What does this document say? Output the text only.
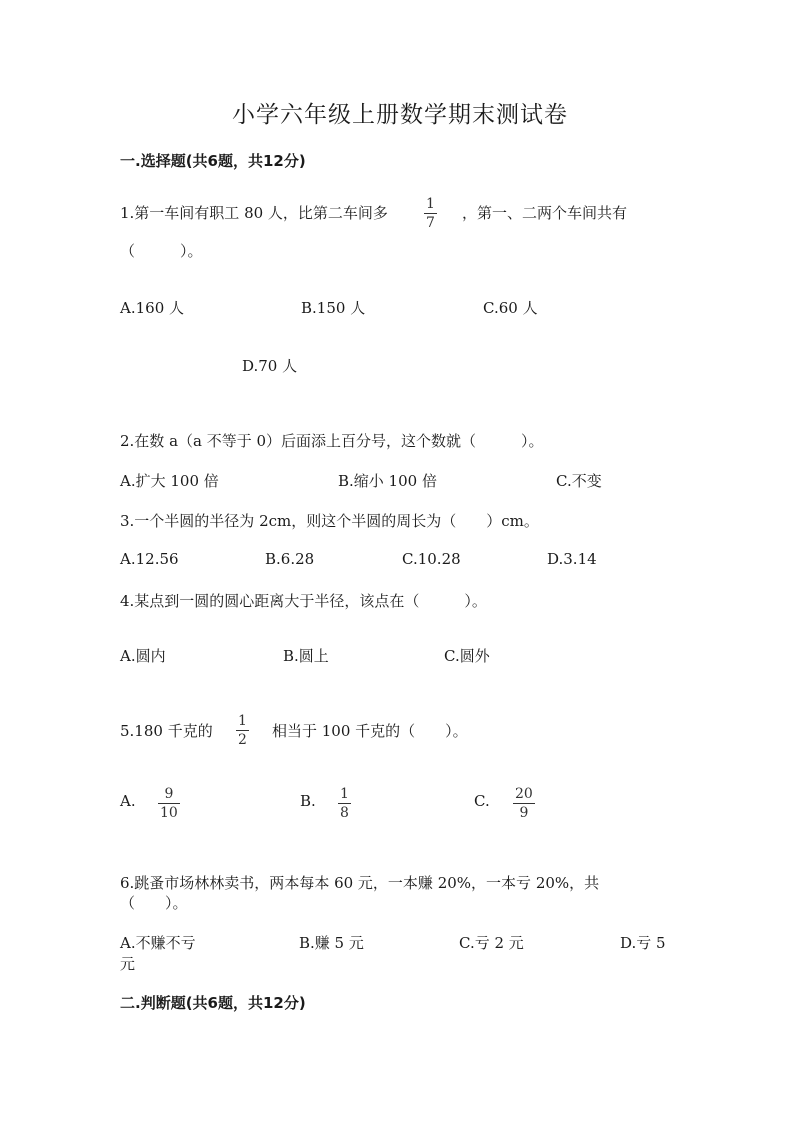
小学六年级上册数学期末测试卷
一.选择题(共6题，共12分)
1.第一车间有职工 80 人，比第二车间多	1
7
，第一、二两个车间共有
（　　　）。
A.160 人	B.150 人	C.60 人
D.70 人
2.在数 a（a 不等于 0）后面添上百分号，这个数就（　　　）。
A.扩大 100 倍	B.缩小 100 倍	C.不变
3.一个半圆的半径为 2cm，则这个半圆的周长为（　　）cm。
A.12.56	B.6.28	C.10.28	D.3.14
4.某点到一圆的圆心距离大于半径，该点在（　　　）。
A.圆内	B.圆上	C.圆外
5.180 千克的
1
2 相当于 100 千克的（　　）。
A. 9
10
B. 1
8
C. 20
9
6.跳蚤市场林林卖书，两本每本 60 元，一本赚 20%，一本亏 20%，共
（　　）。
A.不赚不亏	B.赚 5 元	C.亏 2 元	D.亏 5
元
二.判断题(共6题，共12分)
